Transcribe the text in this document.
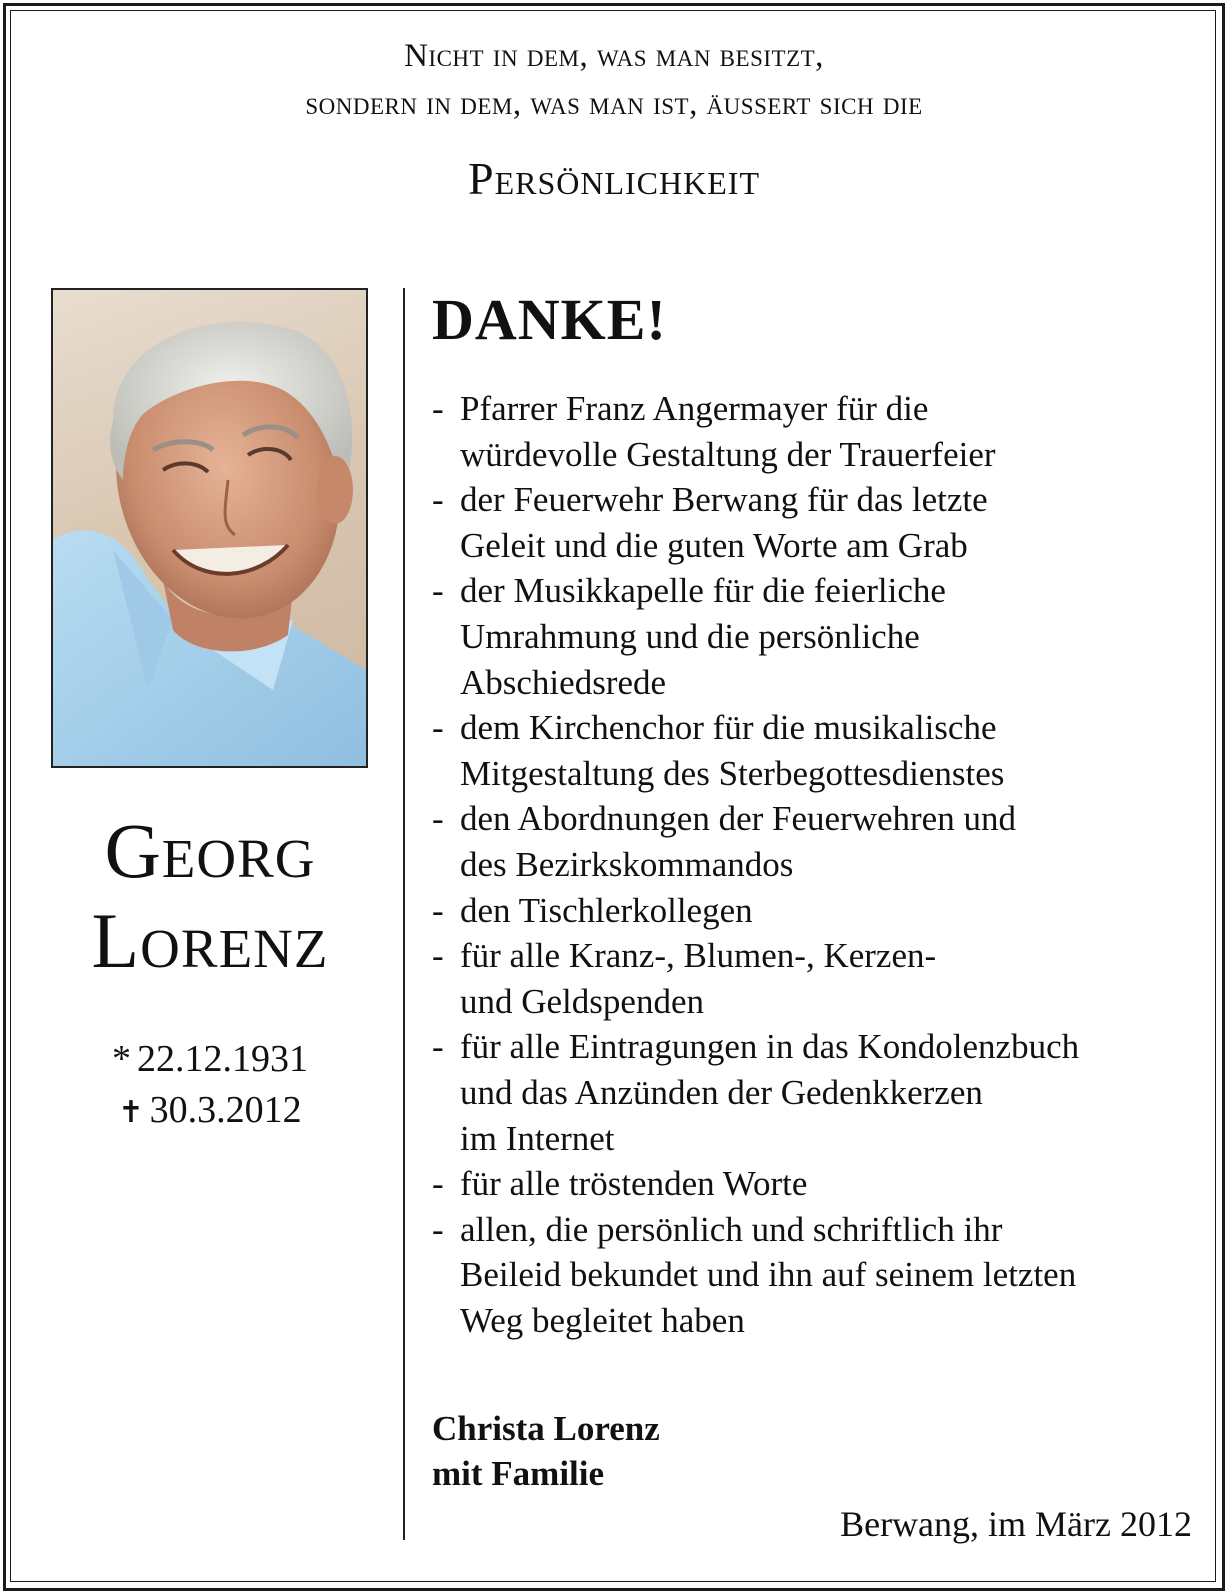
Nicht in dem, was man besitzt,
sondern in dem, was man ist, äussert sich die
Persönlichkeit
Georg
Lorenz
* 22.12.1931
✝ 30.3.2012
DANKE!
- Pfarrer Franz Angermayer für die
würdevolle Gestaltung der Trauerfeier
- der Feuerwehr Berwang für das letzte
Geleit und die guten Worte am Grab
- der Musikkapelle für die feierliche
Umrahmung und die persönliche
Abschiedsrede
- dem Kirchenchor für die musikalische
Mitgestaltung des Sterbegottesdienstes
- den Abordnungen der Feuerwehren und
des Bezirkskommandos
- den Tischlerkollegen
- für alle Kranz-, Blumen-, Kerzen-
und Geldspenden
- für alle Eintragungen in das Kondolenzbuch
und das Anzünden der Gedenkkerzen
im Internet
- für alle tröstenden Worte
- allen, die persönlich und schriftlich ihr
Beileid bekundet und ihn auf seinem letzten
Weg begleitet haben
Christa Lorenz
mit Familie
Berwang, im März 2012
